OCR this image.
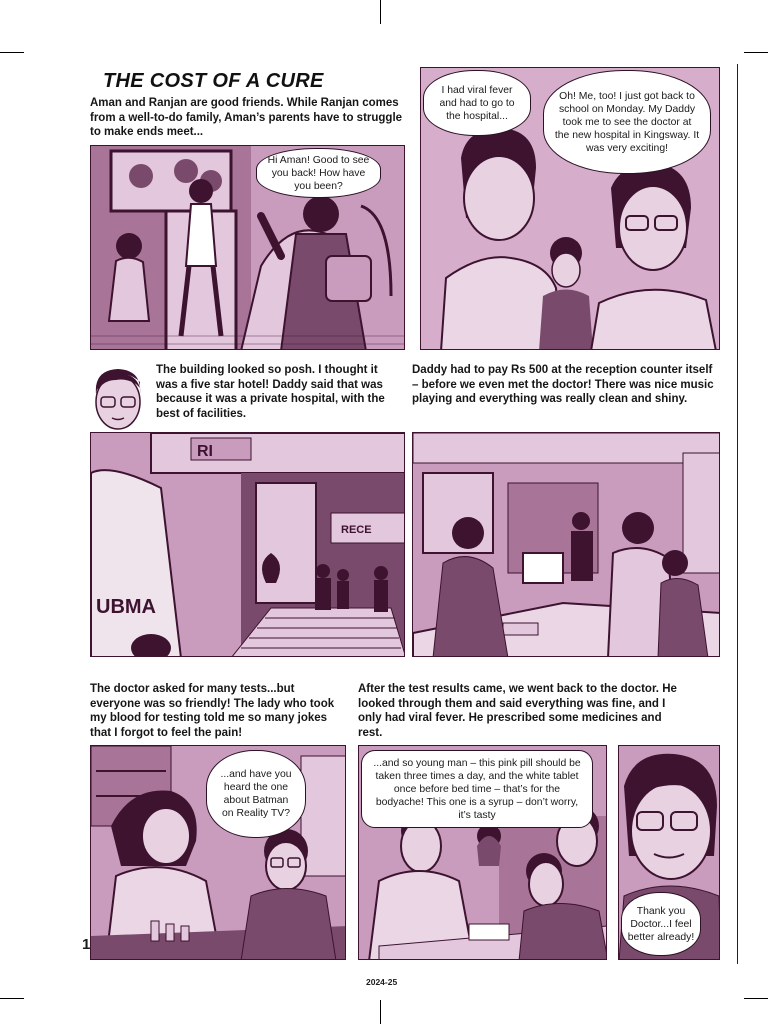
THE COST OF A CURE

Aman and Ranjan are good friends. While Ranjan comes from a well-to-do family, Aman’s parents have to struggle to make ends meet...

Hi Aman! Good to see you back! How have you been?
I had viral fever and had to go to the hospital...
Oh! Me, too! I just got back to school on Monday. My Daddy took me to see the doctor at the new hospital in Kingsway. It was very exciting!

The building looked so posh. I thought it was a five star hotel! Daddy said that was because it was a private hospital, with the best of facilities.

Daddy had to pay Rs 500 at the reception counter itself – before we even met the doctor! There was nice music playing and everything was really clean and shiny.

RI
RECE
UBMA

The doctor asked for many tests...but everyone was so friendly! The lady who took my blood for testing told me so many jokes that I forgot to feel the pain!

After the test results came, we went back to the doctor. He looked through them and said everything was fine, and I only had viral fever. He prescribed some medicines and rest.

...and have you heard the one about Batman on Reality TV?
...and so young man – this pink pill should be taken three times a day, and the white tablet once before bed time – that’s for the bodyache! This one is a syrup – don’t worry, it’s tasty
Thank you Doctor...I feel better already!
1
2024-25
